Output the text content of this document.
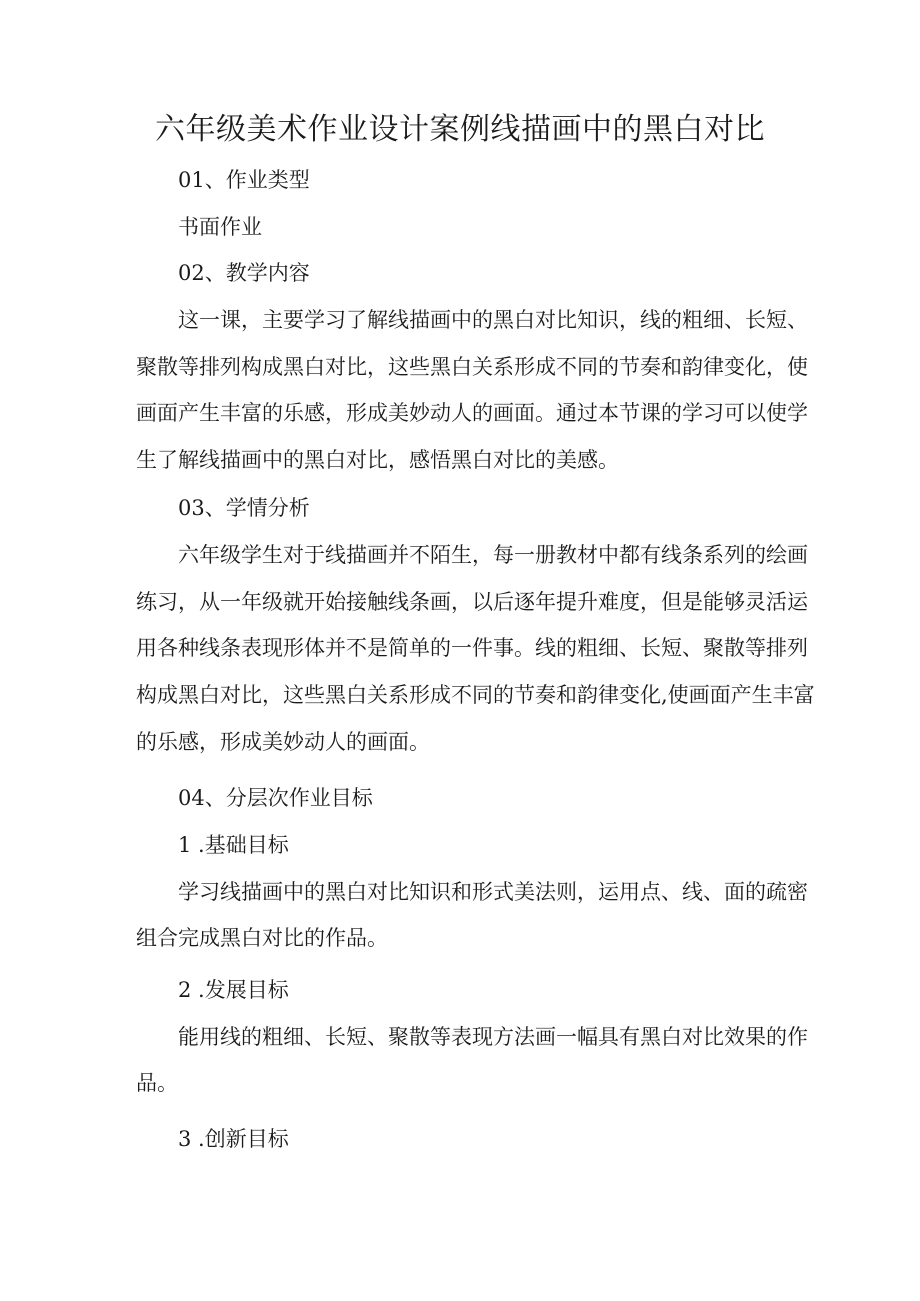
六年级美术作业设计案例线描画中的黑白对比

01、作业类型

书面作业

02、教学内容

这一课，主要学习了解线描画中的黑白对比知识，线的粗细、长短、

聚散等排列构成黑白对比，这些黑白关系形成不同的节奏和韵律变化，使

画面产生丰富的乐感，形成美妙动人的画面。通过本节课的学习可以使学

生了解线描画中的黑白对比，感悟黑白对比的美感。

03、学情分析

六年级学生对于线描画并不陌生，每一册教材中都有线条系列的绘画

练习，从一年级就开始接触线条画，以后逐年提升难度，但是能够灵活运

用各种线条表现形体并不是简单的一件事。线的粗细、长短、聚散等排列

构成黑白对比，这些黑白关系形成不同的节奏和韵律变化,使画面产生丰富

的乐感，形成美妙动人的画面。

04、分层次作业目标

1 .基础目标

学习线描画中的黑白对比知识和形式美法则，运用点、线、面的疏密

组合完成黑白对比的作品。

2 .发展目标

能用线的粗细、长短、聚散等表现方法画一幅具有黑白对比效果的作

品。

3 .创新目标
